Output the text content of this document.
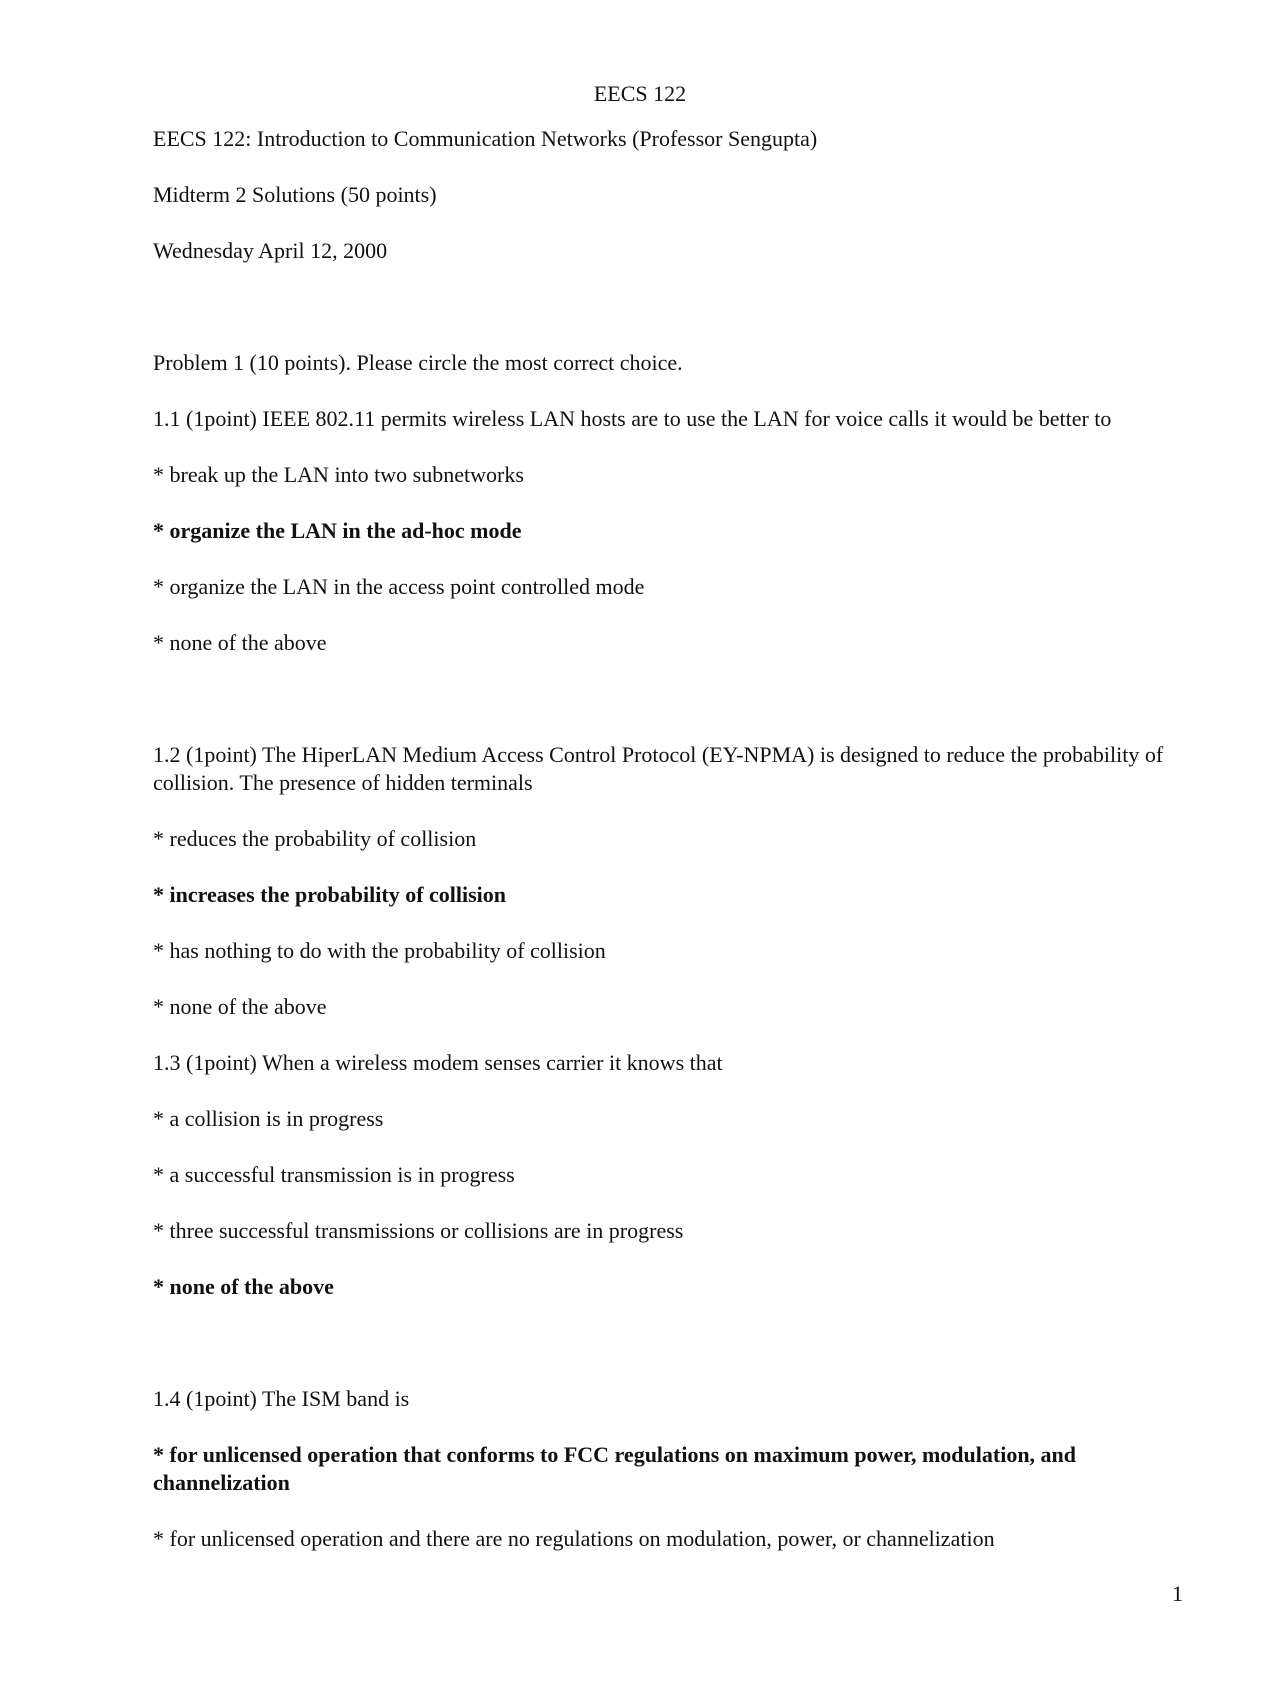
EECS 122

EECS 122: Introduction to Communication Networks (Professor Sengupta)

Midterm 2 Solutions (50 points)

Wednesday April 12, 2000

Problem 1 (10 points). Please circle the most correct choice.

1.1 (1point) IEEE 802.11 permits wireless LAN hosts are to use the LAN for voice calls it would be better to

* break up the LAN into two subnetworks

* organize the LAN in the ad-hoc mode

* organize the LAN in the access point controlled mode

* none of the above

1.2 (1point) The HiperLAN Medium Access Control Protocol (EY-NPMA) is designed to reduce the probability of collision. The presence of hidden terminals

* reduces the probability of collision

* increases the probability of collision

* has nothing to do with the probability of collision

* none of the above

1.3 (1point) When a wireless modem senses carrier it knows that

* a collision is in progress

* a successful transmission is in progress

* three successful transmissions or collisions are in progress

* none of the above

1.4 (1point) The ISM band is

* for unlicensed operation that conforms to FCC regulations on maximum power, modulation, and channelization

* for unlicensed operation and there are no regulations on modulation, power, or channelization

1
